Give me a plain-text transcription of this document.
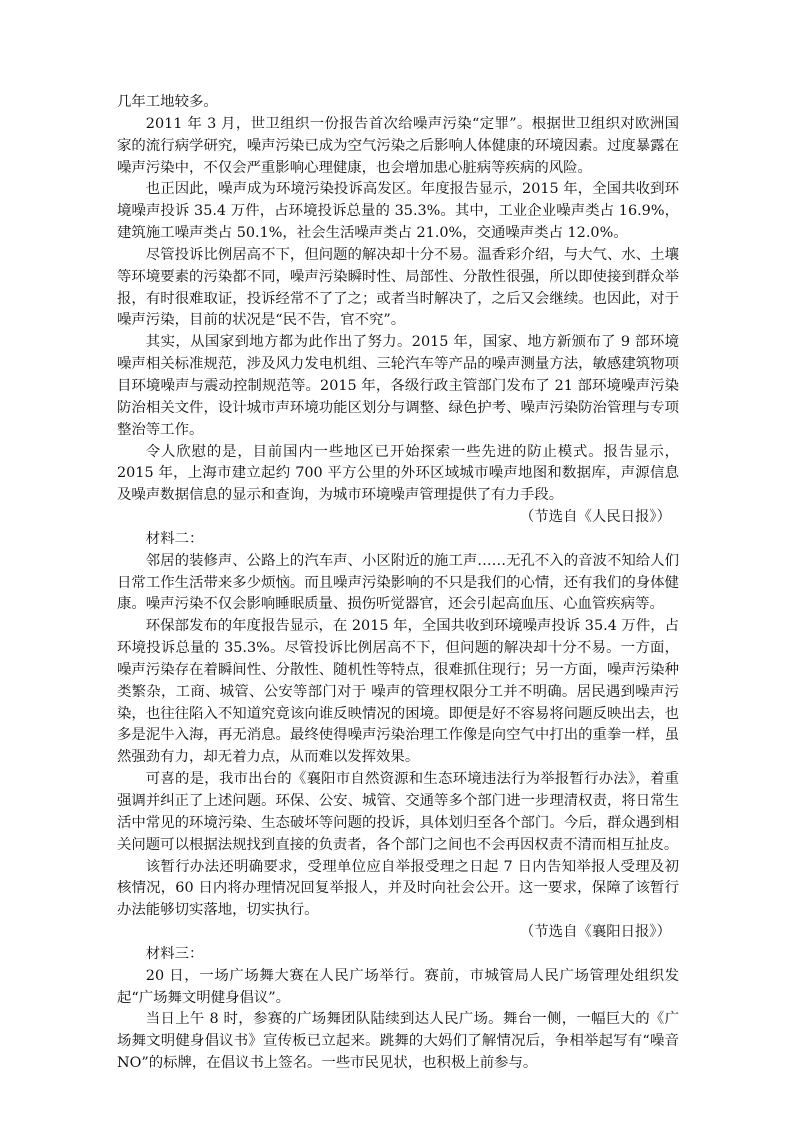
几年工地较多。

2011 年 3 月，世卫组织一份报告首次给噪声污染“定罪”。根据世卫组织对欧洲国家的流行病学研究，噪声污染已成为空气污染之后影响人体健康的环境因素。过度暴露在噪声污染中，不仅会严重影响心理健康，也会增加患心脏病等疾病的风险。

也正因此，噪声成为环境污染投诉高发区。年度报告显示，2015 年，全国共收到环境噪声投诉 35.4 万件，占环境投诉总量的 35.3%。其中，工业企业噪声类占 16.9%，建筑施工噪声类占 50.1%，社会生活噪声类占 21.0%，交通噪声类占 12.0%。

尽管投诉比例居高不下，但问题的解决却十分不易。温香彩介绍，与大气、水、土壤等环境要素的污染都不同，噪声污染瞬时性、局部性、分散性很强，所以即使接到群众举报，有时很难取证，投诉经常不了了之；或者当时解决了，之后又会继续。也因此，对于噪声污染，目前的状况是“民不告，官不究”。

其实，从国家到地方都为此作出了努力。2015 年，国家、地方新颁布了 9 部环境噪声相关标准规范，涉及风力发电机组、三轮汽车等产品的噪声测量方法，敏感建筑物项目环境噪声与震动控制规范等。2015 年，各级行政主管部门发布了 21 部环境噪声污染防治相关文件，设计城市声环境功能区划分与调整、绿色护考、噪声污染防治管理与专项整治等工作。

令人欣慰的是，目前国内一些地区已开始探索一些先进的防止模式。报告显示，2015 年，上海市建立起约 700 平方公里的外环区域城市噪声地图和数据库，声源信息及噪声数据信息的显示和查询，为城市环境噪声管理提供了有力手段。

（节选自《人民日报》）

材料二：

邻居的装修声、公路上的汽车声、小区附近的施工声……无孔不入的音波不知给人们日常工作生活带来多少烦恼。而且噪声污染影响的不只是我们的心情，还有我们的身体健康。噪声污染不仅会影响睡眠质量、损伤听觉器官，还会引起高血压、心血管疾病等。

环保部发布的年度报告显示，在 2015 年，全国共收到环境噪声投诉 35.4 万件，占环境投诉总量的 35.3%。尽管投诉比例居高不下，但问题的解决却十分不易。一方面，噪声污染存在着瞬间性、分散性、随机性等特点，很难抓住现行；另一方面，噪声污染种类繁杂，工商、城管、公安等部门对于 噪声的管理权限分工并不明确。居民遇到噪声污染，也往往陷入不知道究竟该向谁反映情况的困境。即便是好不容易将问题反映出去，也多是泥牛入海，再无消息。最终使得噪声污染治理工作像是向空气中打出的重拳一样，虽然强劲有力，却无着力点，从而难以发挥效果。

可喜的是，我市出台的《襄阳市自然资源和生态环境违法行为举报暂行办法》，着重强调并纠正了上述问题。环保、公安、城管、交通等多个部门进一步理清权责，将日常生活中常见的环境污染、生态破坏等问题的投诉，具体划归至各个部门。今后，群众遇到相关问题可以根据法规找到直接的负责者，各个部门之间也不会再因权责不清而相互扯皮。

该暂行办法还明确要求，受理单位应自举报受理之日起 7 日内告知举报人受理及初核情况，60 日内将办理情况回复举报人，并及时向社会公开。这一要求，保障了该暂行办法能够切实落地，切实执行。

（节选自《襄阳日报》）

材料三：

20 日，一场广场舞大赛在人民广场举行。赛前，市城管局人民广场管理处组织发起“广场舞文明健身倡议”。

当日上午 8 时，参赛的广场舞团队陆续到达人民广场。舞台一侧，一幅巨大的《广场舞文明健身倡议书》宣传板已立起来。跳舞的大妈们了解情况后，争相举起写有“噪音 NO”的标牌，在倡议书上签名。一些市民见状，也积极上前参与。
